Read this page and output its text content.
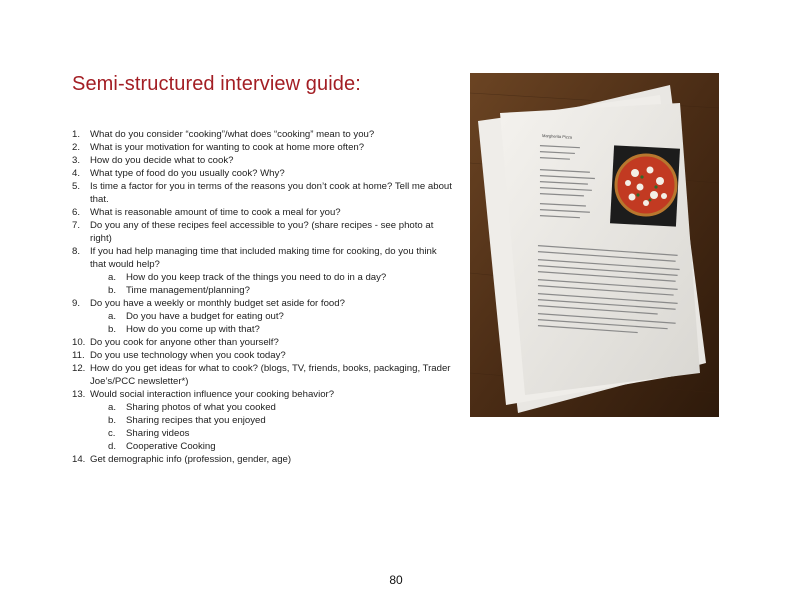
Semi-structured interview guide:
1. What do you consider “cooking”/what does “cooking” mean to you?
2. What is your motivation for wanting to cook at home more often?
3. How do you decide what to cook?
4. What type of food do you usually cook? Why?
5. Is time a factor for you in terms of the reasons you don’t cook at home? Tell me about that.
6. What is reasonable amount of time to cook a meal for you?
7. Do you any of these recipes feel accessible to you? (share recipes - see photo at right)
8. If you had help managing time that included making time for cooking, do you think that would help?
a. How do you keep track of the things you need to do in a day?
b. Time management/planning?
9. Do you have a weekly or monthly budget set aside for food?
a. Do you have a budget for eating out?
b. How do you come up with that?
10. Do you cook for anyone other than yourself?
11. Do you use technology when you cook today?
12. How do you get ideas for what to cook? (blogs, TV, friends, books, packaging, Trader Joe’s/PCC newsletter*)
13. Would social interaction influence your cooking behavior?
a. Sharing photos of what you cooked
b. Sharing recipes that you enjoyed
c. Sharing videos
d. Cooperative Cooking
14. Get demographic info (profession, gender, age)
Margherita Pizza
80
